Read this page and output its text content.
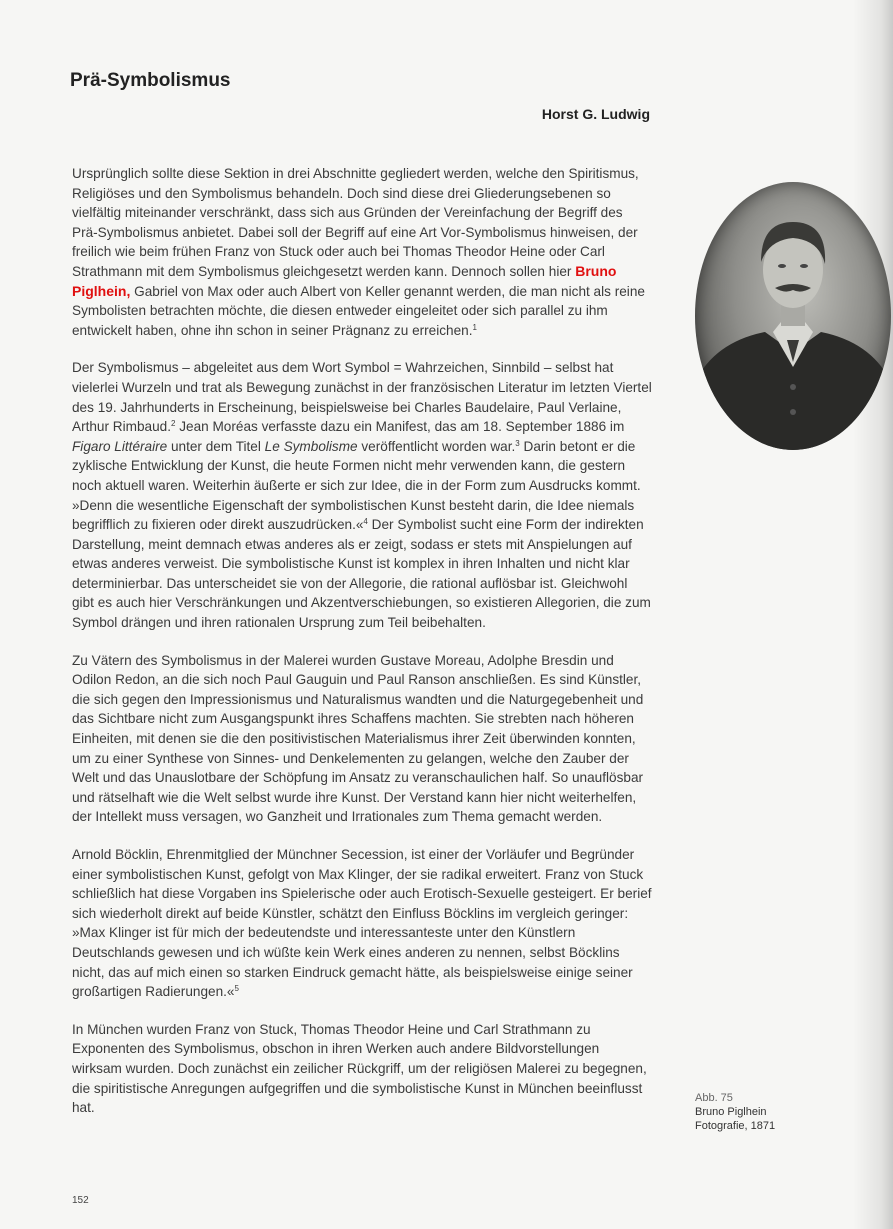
Prä-Symbolismus
Horst G. Ludwig

Ursprünglich sollte diese Sektion in drei Abschnitte gegliedert werden, welche den Spiritismus, Religiöses und den Symbolismus behandeln. Doch sind diese drei Gliederungsebenen so vielfältig miteinander verschränkt, dass sich aus Gründen der Vereinfachung der Begriff des Prä-Symbolismus anbietet. Dabei soll der Begriff auf eine Art Vor-Symbolismus hinweisen, der freilich wie beim frühen Franz von Stuck oder auch bei Thomas Theodor Heine oder Carl Strathmann mit dem Symbolismus gleichgesetzt werden kann. Dennoch sollen hier Bruno Piglhein, Gabriel von Max oder auch Albert von Keller genannt werden, die man nicht als reine Symbolisten betrachten möchte, die diesen entweder eingeleitet oder sich parallel zu ihm entwickelt haben, ohne ihn schon in seiner Prägnanz zu erreichen.$^1$

Der Symbolismus – abgeleitet aus dem Wort Symbol = Wahrzeichen, Sinnbild – selbst hat vielerlei Wurzeln und trat als Bewegung zunächst in der französischen Literatur im letzten Viertel des 19. Jahrhunderts in Erscheinung, beispielsweise bei Charles Baudelaire, Paul Verlaine, Arthur Rimbaud.$^2$ Jean Moréas verfasste dazu ein Manifest, das am 18. September 1886 im Figaro Littéraire unter dem Titel Le Symbolisme veröffentlicht worden war.$^3$ Darin betont er die zyklische Entwicklung der Kunst, die heute Formen nicht mehr verwenden kann, die gestern noch aktuell waren. Weiterhin äußerte er sich zur Idee, die in der Form zum Ausdrucks kommt. »Denn die wesentliche Eigenschaft der symbolistischen Kunst besteht darin, die Idee niemals begrifflich zu fixieren oder direkt auszudrücken.«$^4$ Der Symbolist sucht eine Form der indirekten Darstellung, meint demnach etwas anderes als er zeigt, sodass er stets mit Anspielungen auf etwas anderes verweist. Die symbolistische Kunst ist komplex in ihren Inhalten und nicht klar determinierbar. Das unterscheidet sie von der Allegorie, die rational auflösbar ist. Gleichwohl gibt es auch hier Verschränkungen und Akzentverschiebungen, so existieren Allegorien, die zum Symbol drängen und ihren rationalen Ursprung zum Teil beibehalten.

Zu Vätern des Symbolismus in der Malerei wurden Gustave Moreau, Adolphe Bresdin und Odilon Redon, an die sich noch Paul Gauguin und Paul Ranson anschließen. Es sind Künstler, die sich gegen den Impressionismus und Naturalismus wandten und die Naturgegebenheit und das Sichtbare nicht zum Ausgangspunkt ihres Schaffens machten. Sie strebten nach höheren Einheiten, mit denen sie die den positivistischen Materialismus ihrer Zeit überwinden konnten, um zu einer Synthese von Sinnes- und Denkelementen zu gelangen, welche den Zauber der Welt und das Unauslotbare der Schöpfung im Ansatz zu veranschaulichen half. So unauflösbar und rätselhaft wie die Welt selbst wurde ihre Kunst. Der Verstand kann hier nicht weiterhelfen, der Intellekt muss versagen, wo Ganzheit und Irrationales zum Thema gemacht werden.

Arnold Böcklin, Ehrenmitglied der Münchner Secession, ist einer der Vorläufer und Begründer einer symbolistischen Kunst, gefolgt von Max Klinger, der sie radikal erweitert. Franz von Stuck schließlich hat diese Vorgaben ins Spielerische oder auch Erotisch-Sexuelle gesteigert. Er berief sich wiederholt direkt auf beide Künstler, schätzt den Einfluss Böcklins im vergleich geringer: »Max Klinger ist für mich der bedeutendste und interessanteste unter den Künstlern Deutschlands gewesen und ich wüßte kein Werk eines anderen zu nennen, selbst Böcklins nicht, das auf mich einen so starken Eindruck gemacht hätte, als beispielsweise einige seiner großartigen Radierungen.«$^5$

In München wurden Franz von Stuck, Thomas Theodor Heine und Carl Strathmann zu Exponenten des Symbolismus, obschon in ihren Werken auch andere Bildvorstellungen wirksam wurden. Doch zunächst ein zeilicher Rückgriff, um der religiösen Malerei zu begegnen, die spiritistische Anregungen aufgegriffen und die symbolistische Kunst in München beeinflusst hat.

Abb. 75
Bruno Piglhein
Fotografie, 1871
152
